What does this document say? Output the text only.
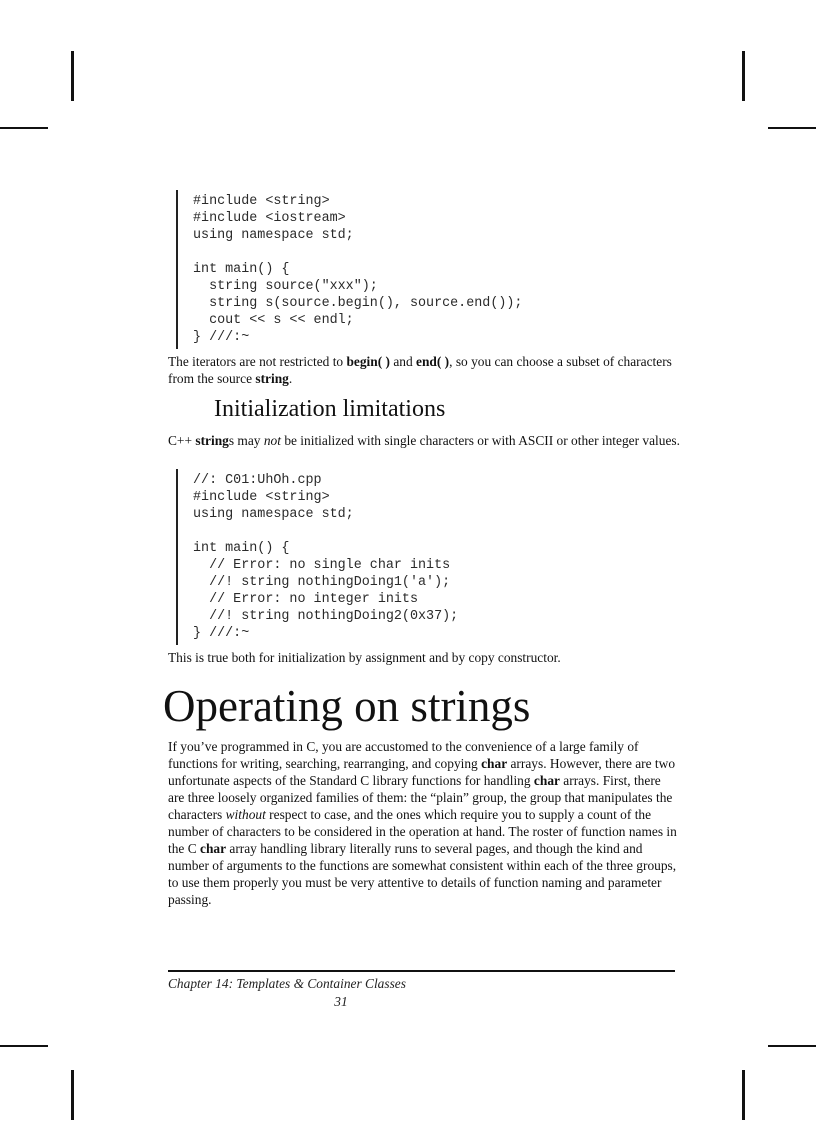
#include <string>
#include <iostream>
using namespace std;
int main() {
string source("xxx");
string s(source.begin(), source.end());
cout << s << endl;
} ///:~

The iterators are not restricted to begin( ) and end( ), so you can choose a subset of characters from the source string.

Initialization limitations

C++ strings may not be initialized with single characters or with ASCII or other integer values.

//: C01:UhOh.cpp
#include <string>
using namespace std;
int main() {
// Error: no single char inits
//! string nothingDoing1('a');
// Error: no integer inits
//! string nothingDoing2(0x37);
} ///:~

This is true both for initialization by assignment and by copy constructor.

Operating on strings

If you’ve programmed in C, you are accustomed to the convenience of a large family of functions for writing, searching, rearranging, and copying char arrays. However, there are two unfortunate aspects of the Standard C library functions for handling char arrays. First, there are three loosely organized families of them: the “plain” group, the group that manipulates the characters without respect to case, and the ones which require you to supply a count of the number of characters to be considered in the operation at hand. The roster of function names in the C char array handling library literally runs to several pages, and though the kind and number of arguments to the functions are somewhat consistent within each of the three groups, to use them properly you must be very attentive to details of function naming and parameter passing.

Chapter 14: Templates & Container Classes
31
